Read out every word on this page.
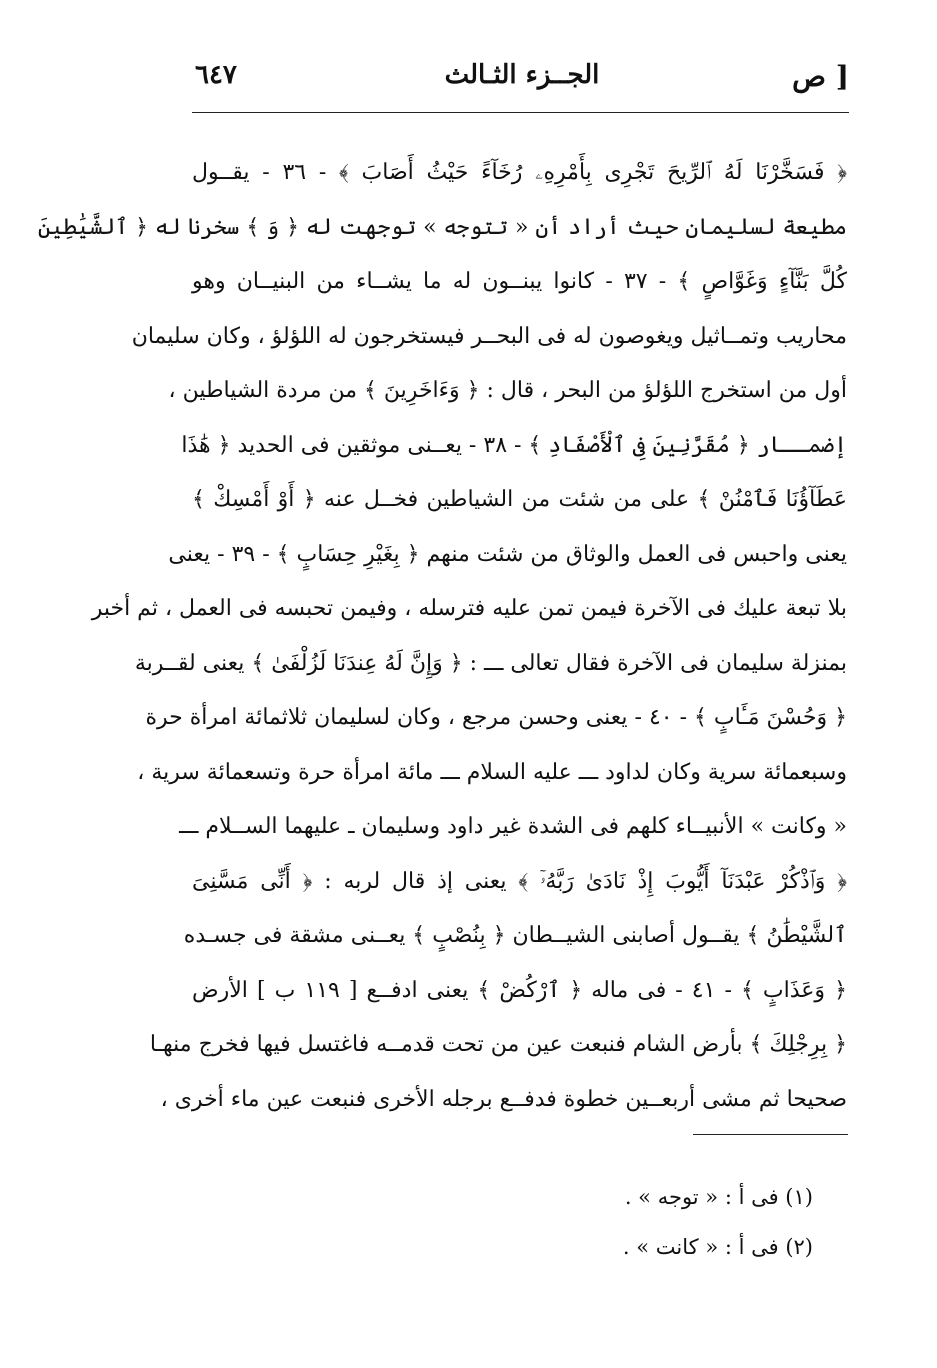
٦٤٧	الجــزء الثـالث	ص ]
﴿ فَسَخَّرْنَا لَهُ ٱلرِّيحَ تَجْرِى بِأَمْرِهِۦ رُخَآءً حَيْثُ أَصَابَ ﴾ - ٣٦ - يقــول
مطيعة لسليمان حيث أراد أن « تتوجه » توجهت له ﴿ وَ ﴾ سخرنا له ﴿ ٱلشَّيَٰطِينَ
كُلَّ بَنَّآءٍ وَغَوَّاصٍ ﴾ - ٣٧ - كانوا يبنــون له ما يشــاء من البنيــان وهو
محاريب وتمــاثيل ويغوصون له فى البحــر فيستخرجون له اللؤلؤ ، وكان سليمان
أول من استخرج اللؤلؤ من البحر ، قال : ﴿ وَءَاخَرِينَ ﴾ من مردة الشياطين ،
إضمــار ﴿ مُقَرَّنِينَ فِى ٱلْأَصْفَادِ ﴾ - ٣٨ - يعــنى موثقين فى الحديد ﴿ هَٰذَا
عَطَآؤُنَا فَٱمْنُنْ ﴾ على من شئت من الشياطين فخــل عنه ﴿ أَوْ أَمْسِكْ ﴾
يعنى واحبس فى العمل والوثاق من شئت منهم ﴿ بِغَيْرِ حِسَابٍ ﴾ - ٣٩ - يعنى
بلا تبعة عليك فى الآخرة فيمن تمن عليه فترسله ، وفيمن تحبسه فى العمل ، ثم أخبر
بمنزلة سليمان فى الآخرة فقال تعالى ـــ : ﴿ وَإِنَّ لَهُ عِندَنَا لَزُلْفَىٰ ﴾ يعنى لقــربة
﴿ وَحُسْنَ مَـَٔابٍ ﴾ - ٤٠ - يعنى وحسن مرجع ، وكان لسليمان ثلاثمائة امرأة حرة
وسبعمائة سرية وكان لداود ـــ عليه السلام ـــ مائة امرأة حرة وتسعمائة سرية ،
« وكانت » الأنبيــاء كلهم فى الشدة غير داود وسليمان ـ عليهما الســلام ـــ
﴿ وَٱذْكُرْ عَبْدَنَآ أَيُّوبَ إِذْ نَادَىٰ رَبَّهُۥٓ ﴾ يعنى إذ قال لربه : ﴿ أَنِّى مَسَّنِىَ
ٱلشَّيْطَٰنُ ﴾ يقــول أصابنى الشيــطان ﴿ بِنُصْبٍ ﴾ يعــنى مشقة فى جسـده
﴿ وَعَذَابٍ ﴾ - ٤١ - فى ماله ﴿ ٱرْكُضْ ﴾ يعنى ادفــع [ ١١٩ ب ] الأرض
﴿ بِرِجْلِكَ ﴾ بأرض الشام فنبعت عين من تحت قدمــه فاغتسل فيها فخرج منهـا
صحيحا ثم مشى أربعــين خطوة فدفــع برجله الأخرى فنبعت عين ماء أخرى ،
(١) فى أ : « توجه » .
(٢) فى أ : « كانت » .
